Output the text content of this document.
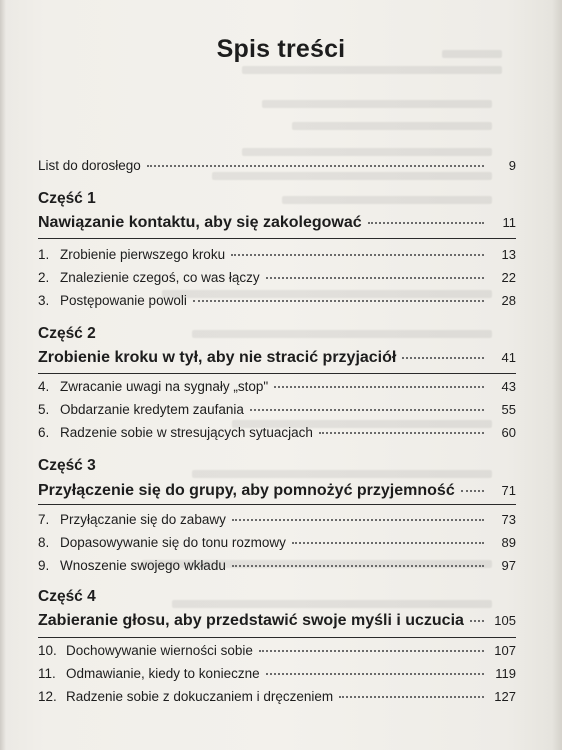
Spis treści
List do dorosłego	9
Część 1
Nawiązanie kontaktu, aby się zakolegować	11
1. Zrobienie pierwszego kroku	13
2. Znalezienie czegoś, co was łączy	22
3. Postępowanie powoli	28
Część 2
Zrobienie kroku w tył, aby nie stracić przyjaciół	41
4. Zwracanie uwagi na sygnały „stop"	43
5. Obdarzanie kredytem zaufania	55
6. Radzenie sobie w stresujących sytuacjach	60
Część 3
Przyłączenie się do grupy, aby pomnożyć przyjemność	71
7. Przyłączanie się do zabawy	73
8. Dopasowywanie się do tonu rozmowy	89
9. Wnoszenie swojego wkładu	97
Część 4
Zabieranie głosu, aby przedstawić swoje myśli i uczucia	105
10. Dochowywanie wierności sobie	107
11. Odmawianie, kiedy to konieczne	119
12. Radzenie sobie z dokuczaniem i dręczeniem	127
